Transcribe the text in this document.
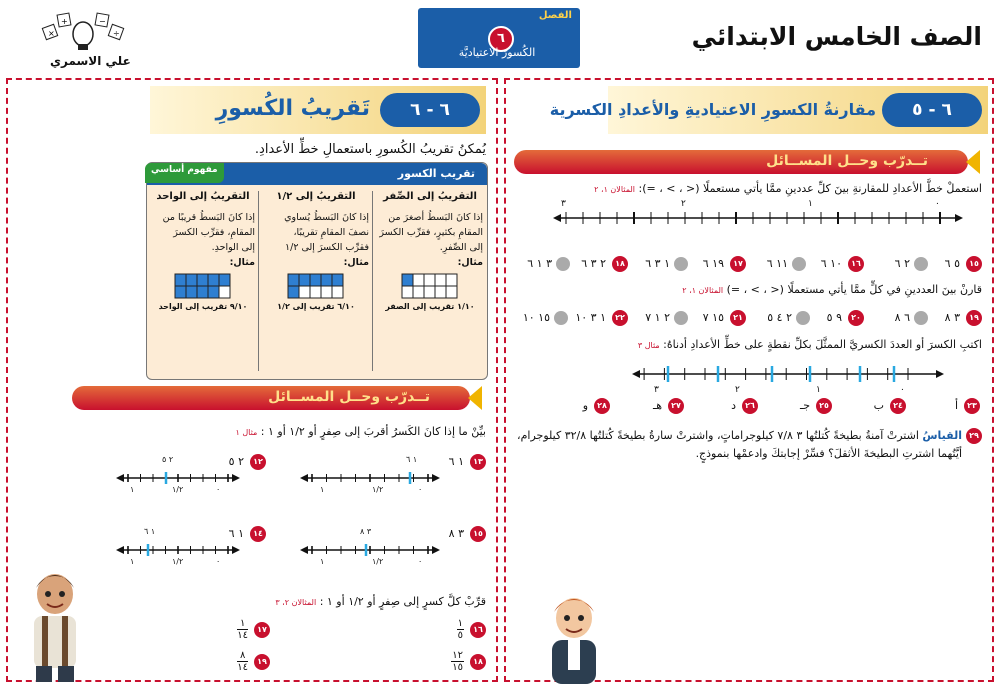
الصف الخامس الابتدائي
الفصل
٦
الكُسورُ الاعتياديَّة
×
+	−
÷
علي الاسمري
٦ - ٥
مقارنةُ الكسورِ الاعتياديةِ والأعدادِ الكسرية
تــدرّب وحــل المســائل
استعملْ خطَّ الأعدادِ للمقارنةِ بينَ كلِّ عددينِ ممَّا يأتي مستعملًا (< ، > ، =): المثالان ١، ٢
٠
١
٢
٣
١٥
٥ ٦
٢ ٦
١٦
١٠ ٦
١١ ٦
١٧
١٩ ٦
١ ٣ ٦
١٨
٢ ٣ ٦
٣ ١ ٦
قارنْ بينَ العددينِ في كلٍّ ممَّا يأتي مستعملًا (< ، > ، =) المثالان ١، ٢
١٩
٣ ٨
٦ ٨
٢٠
٩ ٥
٢ ٤ ٥
٢١
١٥ ٧
٢ ١ ٧
٢٢
١ ٣ ١٠
١٥ ١٠
اكتبِ الكسرَ أو العددَ الكسريَّ الممثَّلَ بكلِّ نقطةٍ على خطِّ الأعدادِ أدناهُ: مثال ٣
٠
١
٢
٣
٢٣
أ
٢٤
ب
٢٥
جـ
٢٦
د
٢٧
هـ
٢٨
و
٢٩
القياسُ اشترتْ آمنةُ بطيخةً كُتلتُها ٣ ٧/٨ كيلوجراماتٍ، واشترتْ سارةُ بطيخةً كُتلتُها ٣٢/٨ كيلوجرام،
أيَّتُهما اشترتِ البطيخةَ الأثقلَ؟ فسِّرْ إجابتكَ وادعمْها بنموذجٍ.
٦ - ٦
تَقريبُ الكُسورِ
يُمكنُ تقريبُ الكُسورِ باستعمالِ خطِّ الأعدادِ.
تقريب الكسور
مفهوم أساسي
التقريبُ إلى الصِّفر
إذا كانَ البَسطُ أصغرَ من
المقامِ بكثيرٍ، فقرِّب الكسرَ
إلى الصِّفرِ.
مثال:
١/١٠ تقريب إلى الصفر
التقريبُ إلى ١/٢
إذا كانَ البَسطُ يُساوي
نصفَ المقامِ تقريبًا،
فقرِّب الكسرَ إلى ١/٢
مثال:
٦/١٠ تقريب إلى ١/٢
التقريبُ إلى الواحد
إذا كانَ البَسطُ قريبًا من
المقامِ، فقرِّب الكسرَ
إلى الواحدِ.
مثال:
٩/١٠ تقريب إلى الواحد
تــدرّب وحــل المســائل
بيِّنْ ما إذا كانَ الكَسرُ أقربَ إلى صِفرٍ أو ١/٢ أو ١ : مثال ١
١٣
١ ٦
١ ٦
٠
١/٢
١
١٢
٢ ٥
٢ ٥
٠
١/٢
١
١٥
٣ ٨
٣ ٨
٠
١/٢
١
١٤
١ ٦
١ ٦
٠
١/٢
١
قرِّبْ كلَّ كسرٍ إلى صِفرٍ أو ١/٢ أو ١ : المثالان ٢، ٣
١٦
١
٥
١٧
١
١٤
١٨
١٢
١٥
١٩
٨
١٤
